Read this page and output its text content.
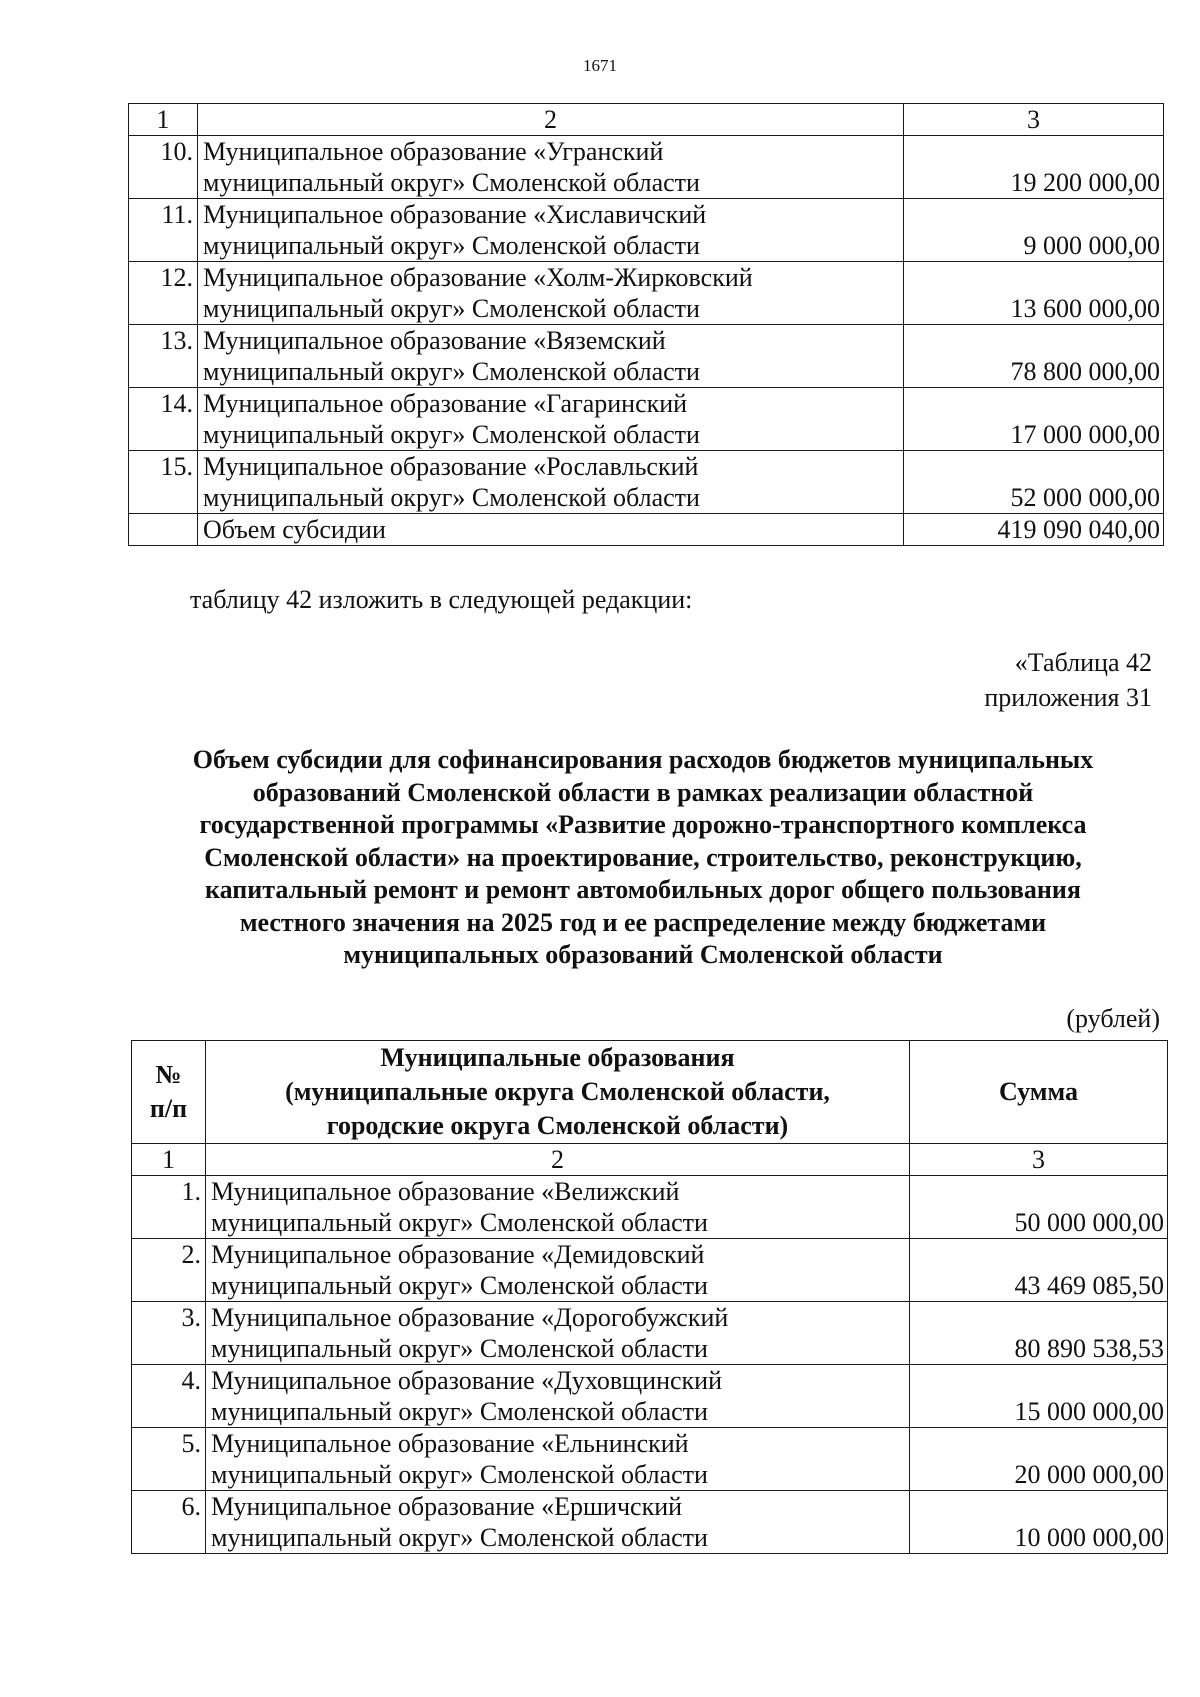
1671
1	2	3
10.	Муниципальное образование «Угранский
муниципальный округ» Смоленской области	19 200 000,00
11.	Муниципальное образование «Хиславичский
муниципальный округ» Смоленской области	9 000 000,00
12.	Муниципальное образование «Холм-Жирковский
муниципальный округ» Смоленской области	13 600 000,00
13.	Муниципальное образование «Вяземский
муниципальный округ» Смоленской области	78 800 000,00
14.	Муниципальное образование «Гагаринский
муниципальный округ» Смоленской области	17 000 000,00
15.	Муниципальное образование «Рославльский
муниципальный округ» Смоленской области	52 000 000,00
	Объем субсидии	419 090 040,00
таблицу 42 изложить в следующей редакции:
«Таблица 42
приложения 31
Объем субсидии для софинансирования расходов бюджетов муниципальных
образований Смоленской области в рамках реализации областной
государственной программы «Развитие дорожно-транспортного комплекса
Смоленской области» на проектирование, строительство, реконструкцию,
капитальный ремонт и ремонт автомобильных дорог общего пользования
местного значения на 2025 год и ее распределение между бюджетами
муниципальных образований Смоленской области
(рублей)
№
п/п	Муниципальные образования
(муниципальные округа Смоленской области,
городские округа Смоленской области)	Сумма
1	2	3
1.	Муниципальное образование «Велижский
муниципальный округ» Смоленской области	50 000 000,00
2.	Муниципальное образование «Демидовский
муниципальный округ» Смоленской области	43 469 085,50
3.	Муниципальное образование «Дорогобужский
муниципальный округ» Смоленской области	80 890 538,53
4.	Муниципальное образование «Духовщинский
муниципальный округ» Смоленской области	15 000 000,00
5.	Муниципальное образование «Ельнинский
муниципальный округ» Смоленской области	20 000 000,00
6.	Муниципальное образование «Ершичский
муниципальный округ» Смоленской области	10 000 000,00
